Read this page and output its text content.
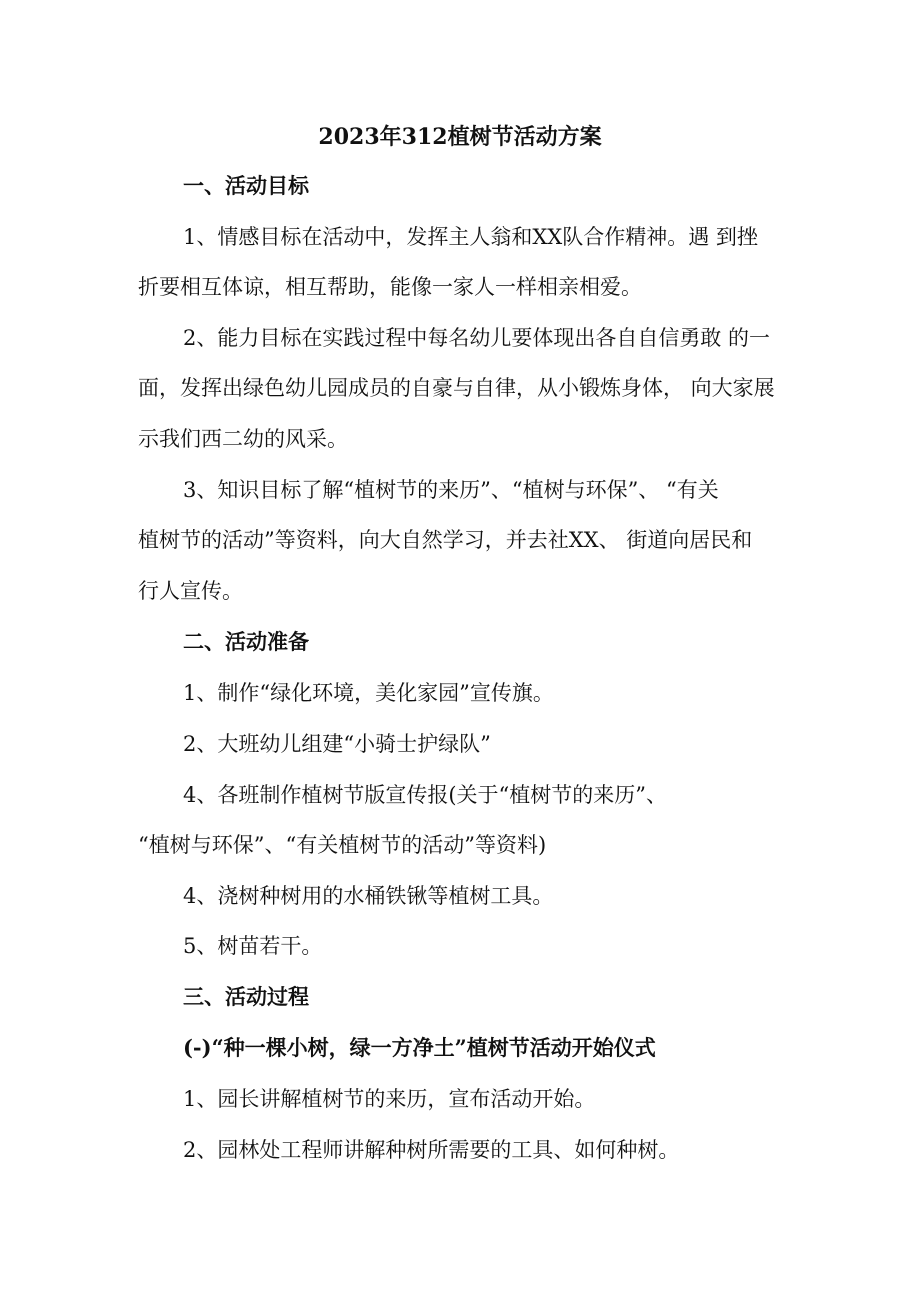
2023年312植树节活动方案
一、活动目标
1、情感目标在活动中，发挥主人翁和XX队合作精神。遇 到挫
折要相互体谅，相互帮助，能像一家人一样相亲相爱。
2、能力目标在实践过程中每名幼儿要体现出各自自信勇敢 的一
面，发挥出绿色幼儿园成员的自豪与自律，从小锻炼身体， 向大家展
示我们西二幼的风采。
3、知识目标了解“植树节的来历”、“植树与环保”、 “有关
植树节的活动”等资料，向大自然学习，并去社XX、 街道向居民和
行人宣传。
二、活动准备
1、制作“绿化环境，美化家园”宣传旗。
2、大班幼儿组建“小骑士护绿队”
4、各班制作植树节版宣传报(关于“植树节的来历”、
“植树与环保”、“有关植树节的活动”等资料)
4、浇树种树用的水桶铁锹等植树工具。
5、树苗若干。
三、活动过程
(-)“种一棵小树，绿一方净土”植树节活动开始仪式
1、园长讲解植树节的来历，宣布活动开始。
2、园林处工程师讲解种树所需要的工具、如何种树。
